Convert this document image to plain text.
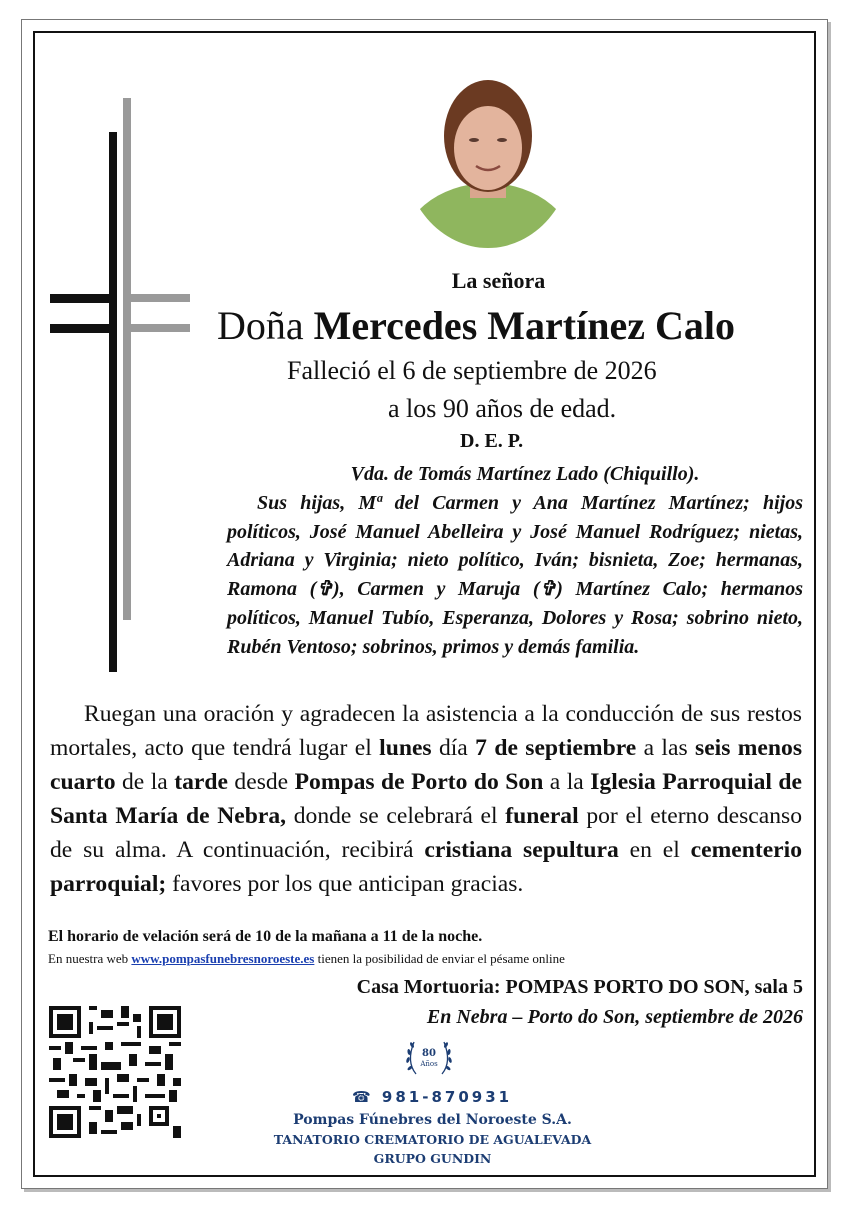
La señora
Doña Mercedes Martínez Calo
Falleció el 6 de septiembre de 2026
a los 90 años de edad.
D. E. P.
Vda. de Tomás Martínez Lado (Chiquillo).
Sus hijas, Mª del Carmen y Ana Martínez Martínez; hijos políticos, José Manuel Abelleira y José Manuel Rodríguez; nietas, Adriana y Virginia; nieto político, Iván; bisnieta, Zoe; hermanas, Ramona (✞), Carmen y Maruja (✞) Martínez Calo; hermanos políticos, Manuel Tubío, Esperanza, Dolores y Rosa; sobrino nieto, Rubén Ventoso; sobrinos, primos y demás familia.

Ruegan una oración y agradecen la asistencia a la conducción de sus restos mortales, acto que tendrá lugar el lunes día 7 de septiembre a las seis menos cuarto de la tarde desde Pompas de Porto do Son a la Iglesia Parroquial de Santa María de Nebra, donde se celebrará el funeral por el eterno descanso de su alma. A continuación, recibirá cristiana sepultura en el cementerio parroquial; favores por los que anticipan gracias.

El horario de velación será de 10 de la mañana a 11 de la noche.
En nuestra web www.pompasfunebresnoroeste.es tienen la posibilidad de enviar el pésame online
Casa Mortuoria: POMPAS PORTO DO SON, sala 5
En Nebra – Porto do Son, septiembre de 2026
80
Años
☎ 981-870931
Pompas Fúnebres del Noroeste S.A.
TANATORIO CREMATORIO DE AGUALEVADA
GRUPO GUNDIN
